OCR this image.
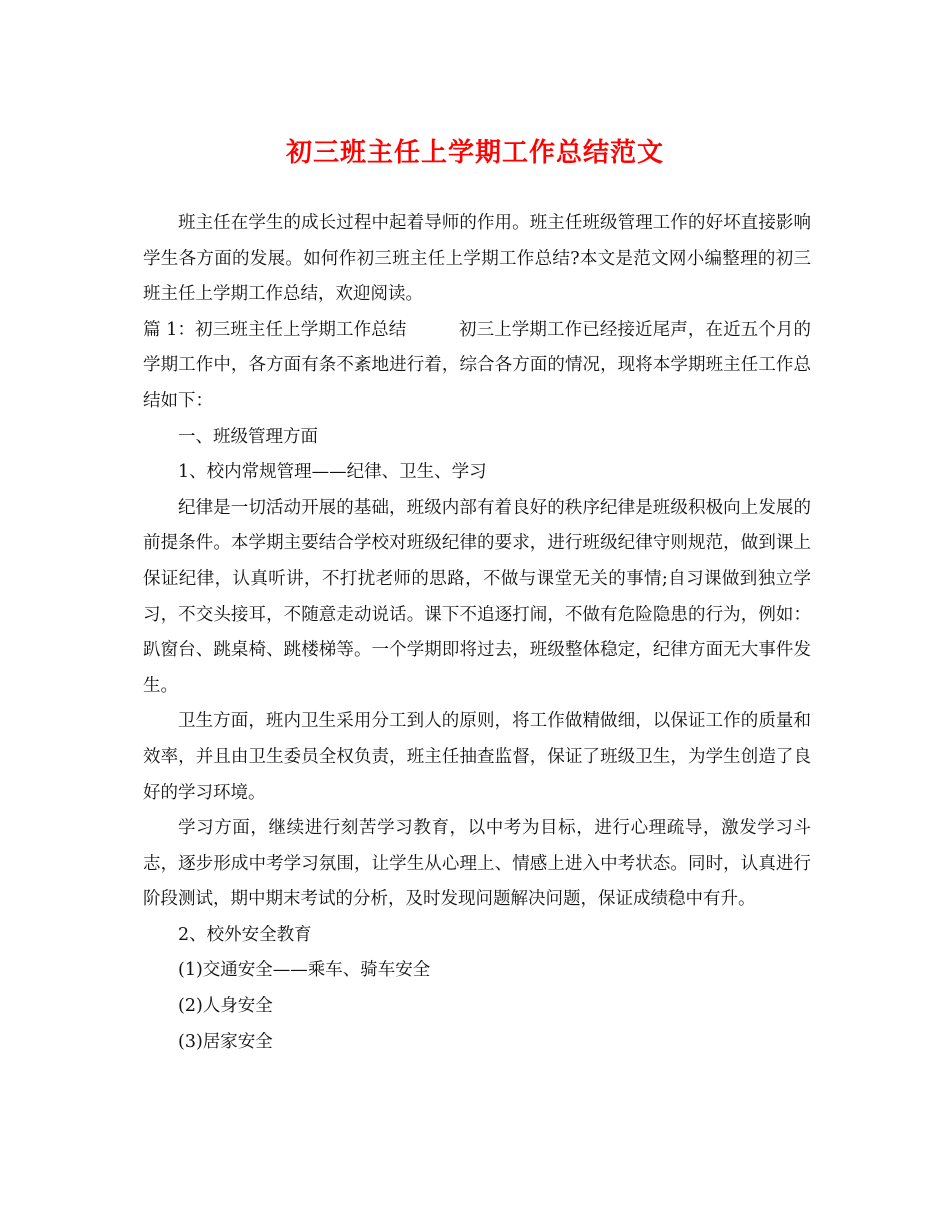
初三班主任上学期工作总结范文

班主任在学生的成长过程中起着导师的作用。班主任班级管理工作的好坏直接影响学生各方面的发展。如何作初三班主任上学期工作总结?本文是范文网小编整理的初三班主任上学期工作总结，欢迎阅读。

篇 1：初三班主任上学期工作总结	初三上学期工作已经接近尾声，在近五个月的学期工作中，各方面有条不紊地进行着，综合各方面的情况，现将本学期班主任工作总结如下：

一、班级管理方面

1、校内常规管理——纪律、卫生、学习

纪律是一切活动开展的基础，班级内部有着良好的秩序纪律是班级积极向上发展的前提条件。本学期主要结合学校对班级纪律的要求，进行班级纪律守则规范，做到课上保证纪律，认真听讲，不打扰老师的思路，不做与课堂无关的事情;自习课做到独立学习，不交头接耳，不随意走动说话。课下不追逐打闹，不做有危险隐患的行为，例如：趴窗台、跳桌椅、跳楼梯等。一个学期即将过去，班级整体稳定，纪律方面无大事件发生。

卫生方面，班内卫生采用分工到人的原则，将工作做精做细，以保证工作的质量和效率，并且由卫生委员全权负责，班主任抽查监督，保证了班级卫生，为学生创造了良好的学习环境。

学习方面，继续进行刻苦学习教育，以中考为目标，进行心理疏导，激发学习斗志，逐步形成中考学习氛围，让学生从心理上、情感上进入中考状态。同时，认真进行阶段测试，期中期末考试的分析，及时发现问题解决问题，保证成绩稳中有升。

2、校外安全教育

(1)交通安全——乘车、骑车安全

(2)人身安全

(3)居家安全
